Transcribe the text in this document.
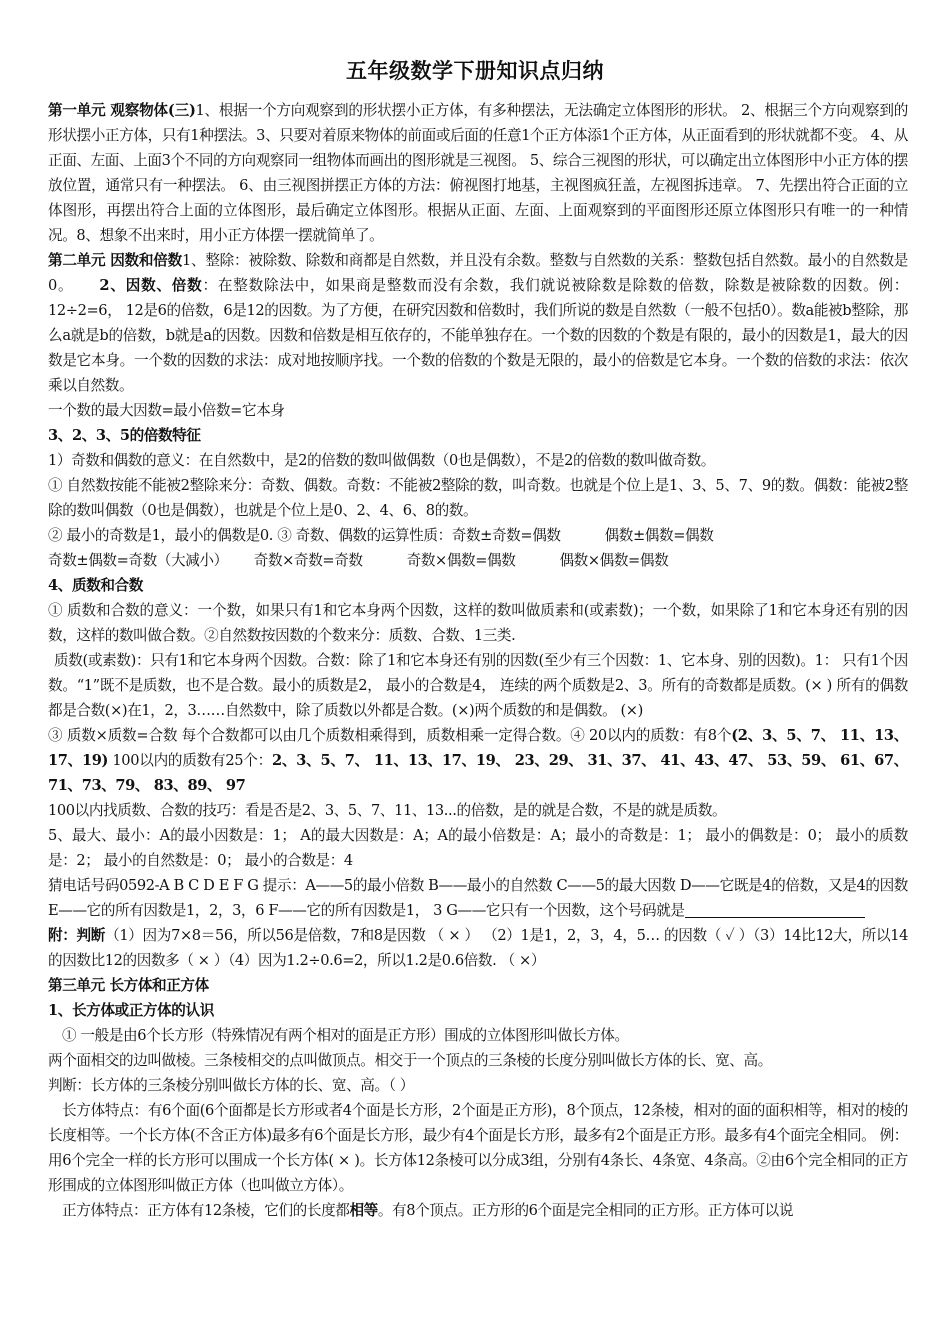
五年级数学下册知识点归纳

第一单元 观察物体(三)1、根据一个方向观察到的形状摆小正方体，有多种摆法，无法确定立体图形的形状。 2、根据三个方向观察到的形状摆小正方体，只有1种摆法。3、只要对着原来物体的前面或后面的任意1个正方体添1个正方体，从正面看到的形状就都不变。 4、从正面、左面、上面3个不同的方向观察同一组物体而画出的图形就是三视图。 5、综合三视图的形状，可以确定出立体图形中小正方体的摆放位置，通常只有一种摆法。 6、由三视图拼摆正方体的方法：俯视图打地基，主视图疯狂盖，左视图拆违章。 7、先摆出符合正面的立体图形，再摆出符合上面的立体图形，最后确定立体图形。根据从正面、左面、上面观察到的平面图形还原立体图形只有唯一的一种情况。8、想象不出来时，用小正方体摆一摆就简单了。

第二单元 因数和倍数1、整除：被除数、除数和商都是自然数，并且没有余数。整数与自然数的关系：整数包括自然数。最小的自然数是0。 2、因数、倍数：在整数除法中，如果商是整数而没有余数，我们就说被除数是除数的倍数，除数是被除数的因数。例：12÷2=6， 12是6的倍数，6是12的因数。为了方便，在研究因数和倍数时，我们所说的数是自然数（一般不包括0）。数a能被b整除，那么a就是b的倍数，b就是a的因数。因数和倍数是相互依存的，不能单独存在。一个数的因数的个数是有限的，最小的因数是1，最大的因数是它本身。一个数的因数的求法：成对地按顺序找。一个数的倍数的个数是无限的，最小的倍数是它本身。一个数的倍数的求法：依次乘以自然数。

一个数的最大因数=最小倍数=它本身

3、2、3、5的倍数特征

1）奇数和偶数的意义：在自然数中，是2的倍数的数叫做偶数（0也是偶数），不是2的倍数的数叫做奇数。

① 自然数按能不能被2整除来分：奇数、偶数。奇数：不能被2整除的数，叫奇数。也就是个位上是1、3、5、7、9的数。偶数：能被2整除的数叫偶数（0也是偶数），也就是个位上是0、2、4、6、8的数。

② 最小的奇数是1，最小的偶数是0. ③ 奇数、偶数的运算性质：奇数±奇数=偶数	偶数±偶数=偶数

奇数±偶数=奇数（大减小） 奇数×奇数=奇数	奇数×偶数=偶数	偶数×偶数=偶数

4、质数和合数

① 质数和合数的意义：一个数，如果只有1和它本身两个因数，这样的数叫做质素和(或素数)；一个数，如果除了1和它本身还有别的因数，这样的数叫做合数。②自然数按因数的个数来分：质数、合数、1三类.

质数(或素数)：只有1和它本身两个因数。合数：除了1和它本身还有别的因数(至少有三个因数：1、它本身、别的因数)。1： 只有1个因数。“1”既不是质数，也不是合数。最小的质数是2， 最小的合数是4， 连续的两个质数是2、3。所有的奇数都是质数。(× ) 所有的偶数都是合数(×)在1，2，3……自然数中，除了质数以外都是合数。(×)两个质数的和是偶数。 (×)

③ 质数×质数=合数 每个合数都可以由几个质数相乘得到，质数相乘一定得合数。④ 20以内的质数：有8个(2、3、5、7、 11、13、17、19) 100以内的质数有25个：2、3、5、7、 11、13、17、19、 23、29、 31、37、 41、43、47、 53、59、 61、67、 71、73、79、 83、89、 97

100以内找质数、合数的技巧：看是否是2、3、5、7、11、13...的倍数，是的就是合数，不是的就是质数。

5、最大、最小：A的最小因数是：1； A的最大因数是：A；A的最小倍数是：A；最小的奇数是：1； 最小的偶数是：0； 最小的质数是：2； 最小的自然数是：0； 最小的合数是：4

猜电话号码0592-A B C D E F G 提示：A——5的最小倍数 B——最小的自然数 C——5的最大因数 D——它既是4的倍数，又是4的因数 E——它的所有因数是1，2，3，6 F——它的所有因数是1， 3 G——它只有一个因数，这个号码就是

附：判断（1）因为7×8＝56，所以56是倍数，7和8是因数 （ × ） （2）1是1，2，3，4，5… 的因数（ ✓ ）（3）14比12大，所以14的因数比12的因数多（ × ）（4）因为1.2÷0.6=2，所以1.2是0.6倍数. （ ×）

第三单元 长方体和正方体

1、长方体或正方体的认识

① 一般是由6个长方形（特殊情况有两个相对的面是正方形）围成的立体图形叫做长方体。

两个面相交的边叫做棱。三条棱相交的点叫做顶点。相交于一个顶点的三条棱的长度分别叫做长方体的长、宽、高。

判断：长方体的三条棱分别叫做长方体的长、宽、高。（ ）

长方体特点：有6个面(6个面都是长方形或者4个面是长方形，2个面是正方形)，8个顶点，12条棱，相对的面的面积相等，相对的棱的长度相等。一个长方体(不含正方体)最多有6个面是长方形，最少有4个面是长方形，最多有2个面是正方形。最多有4个面完全相同。 例：用6个完全一样的长方形可以围成一个长方体( × )。长方体12条棱可以分成3组，分别有4条长、4条宽、4条高。②由6个完全相同的正方形围成的立体图形叫做正方体（也叫做立方体）。

正方体特点：正方体有12条棱，它们的长度都相等。有8个顶点。正方形的6个面是完全相同的正方形。正方体可以说
